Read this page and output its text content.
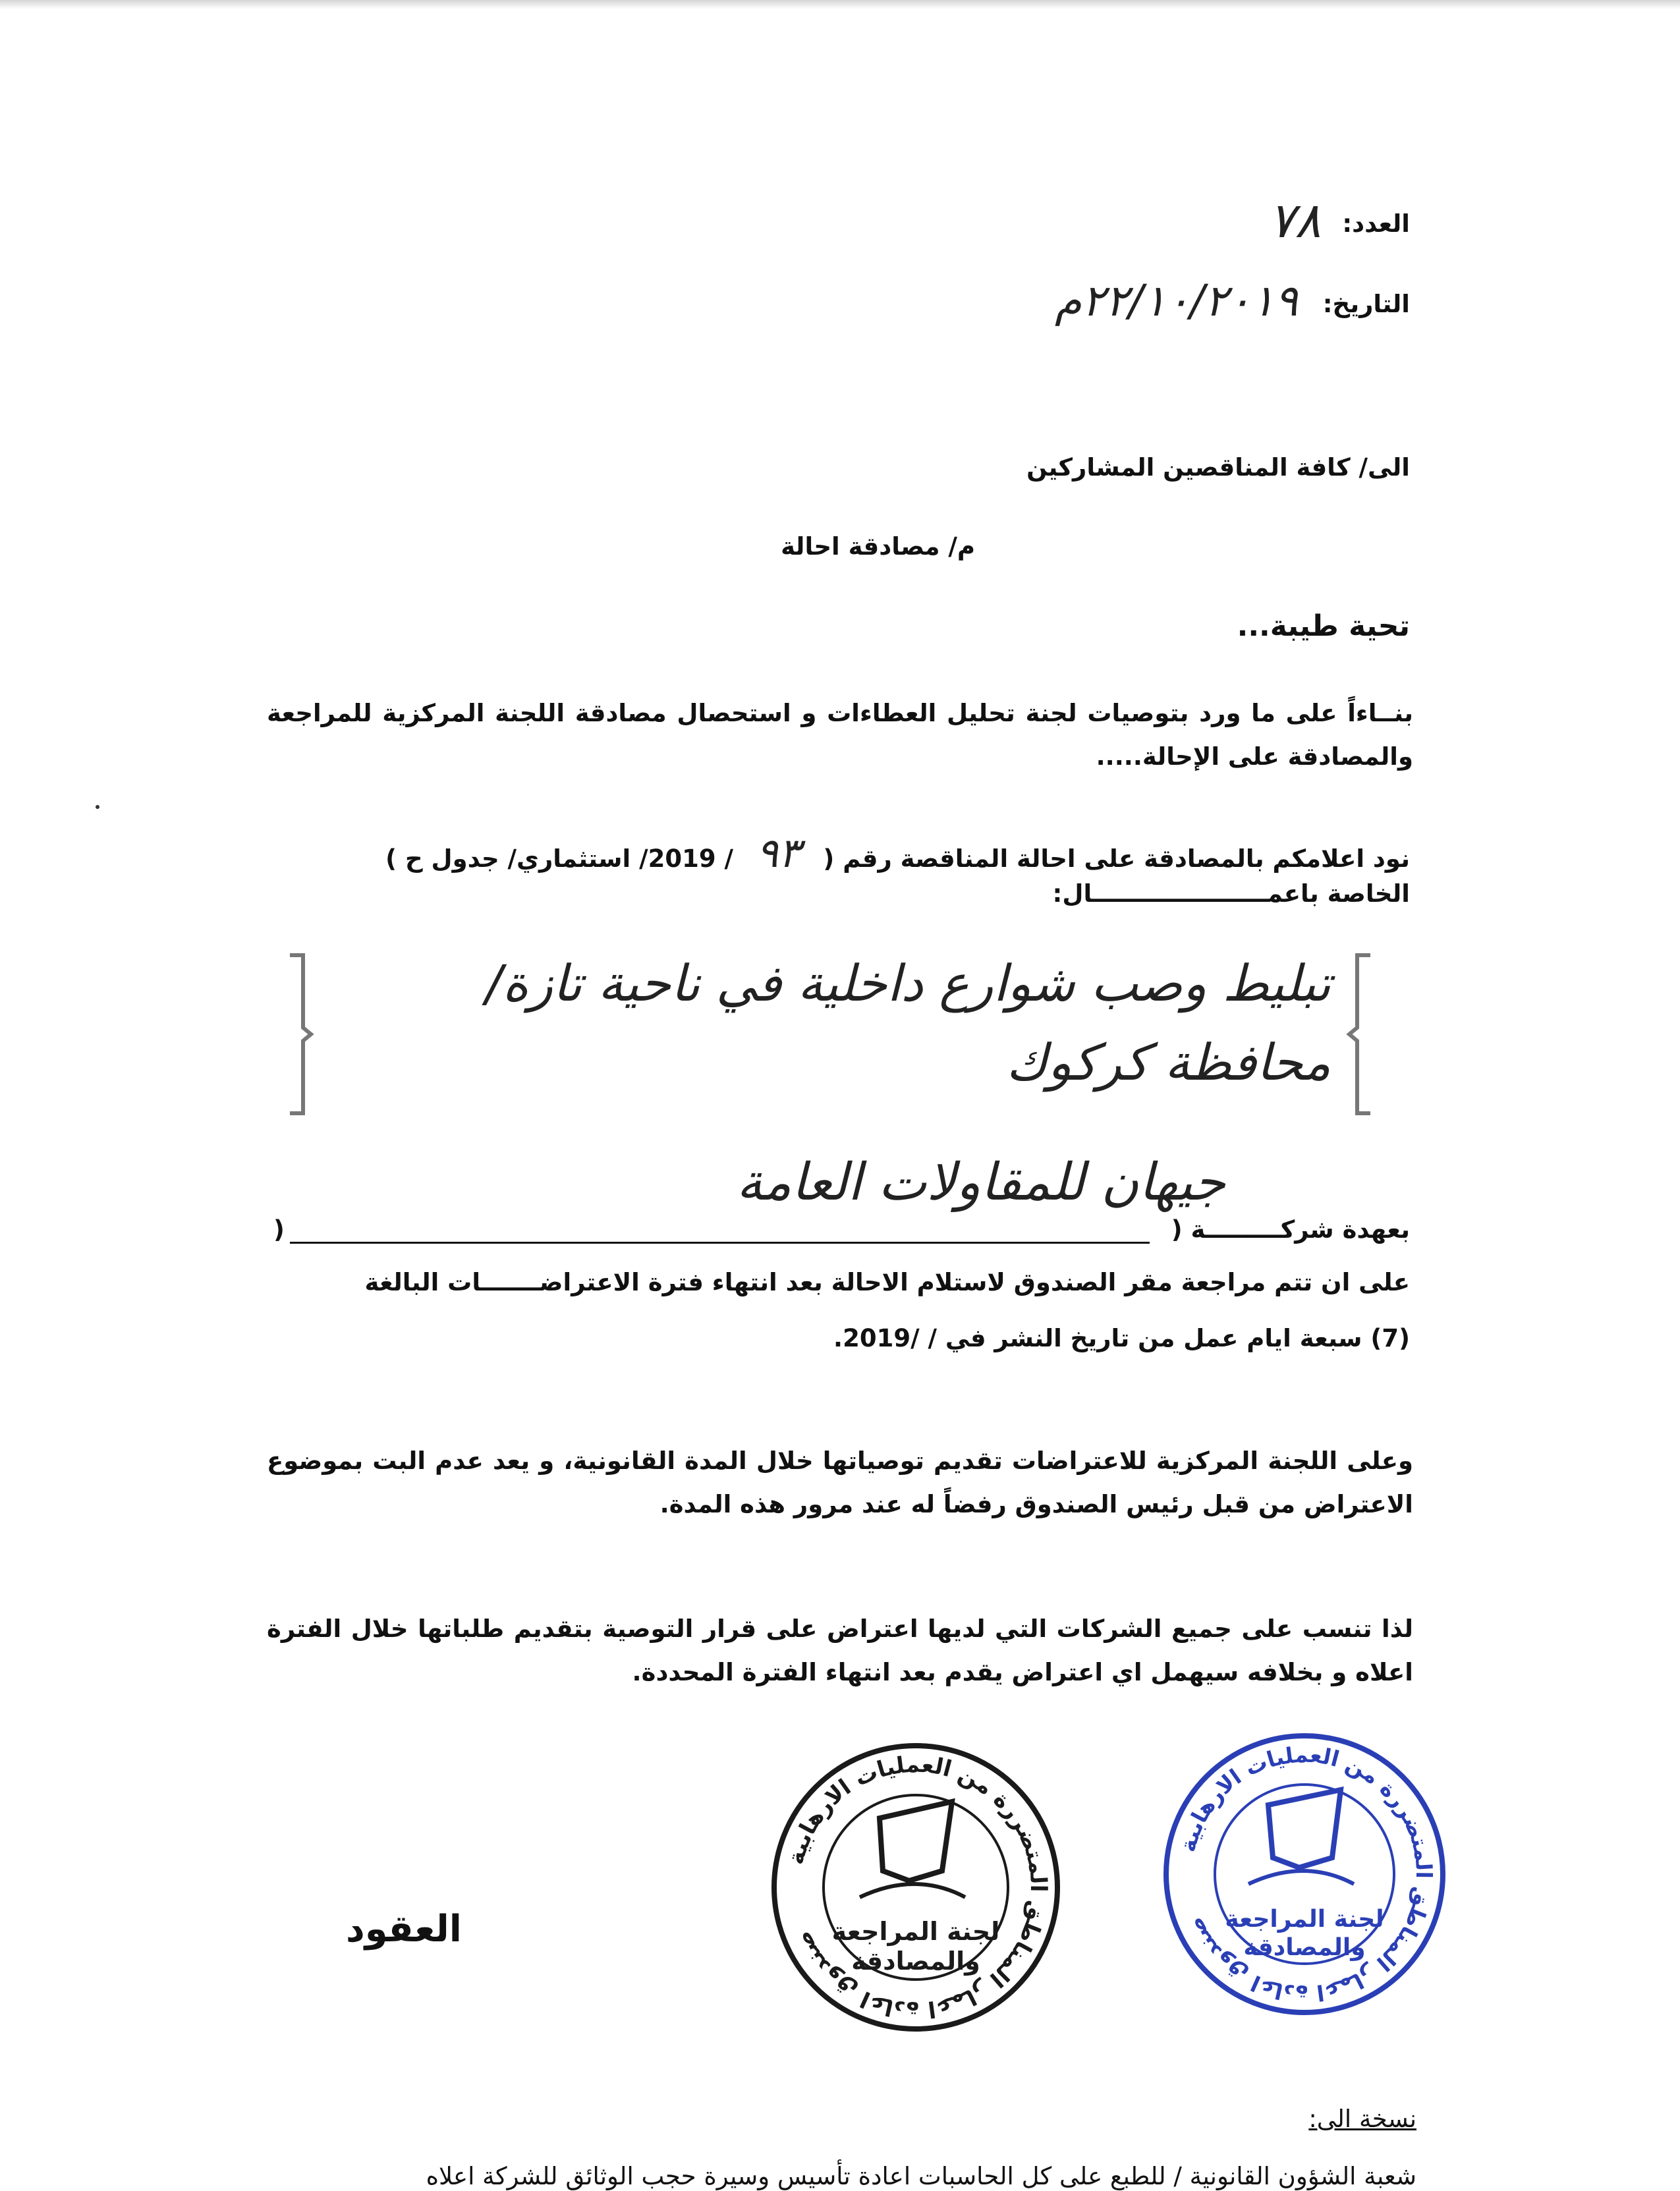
العدد:
٧٨
التاريخ:
٢٢/١٠/٢٠١٩م
الى/ كافة المناقصين المشاركين
م/ مصادقة احالة
تحية طيبة...
بنــاءاً على ما ورد بتوصيات لجنة تحليل العطاءات و استحصال مصادقة اللجنة المركزية للمراجعة والمصادقة على الإحالة.....
نود اعلامكم بالمصادقة على احالة المناقصة رقم ( ٩٣ / 2019/ استثماري/ جدول ح )
الخاصة باعمـــــــــــــــــــــال:
تبليط وصب شوارع داخلية في ناحية تازة/
محافظة كركوك
جيهان للمقاولات العامة
بعهدة شركـــــــــة (
)
على ان تتم مراجعة مقر الصندوق لاستلام الاحالة بعد انتهاء فترة الاعتراضـــــــات البالغة
(7) سبعة ايام عمل من تاريخ النشر في / /2019.
وعلى اللجنة المركزية للاعتراضات تقديم توصياتها خلال المدة القانونية، و يعد عدم البت بموضوع الاعتراض من قبل رئيس الصندوق رفضاً له عند مرور هذه المدة.
لذا تنسب على جميع الشركات التي لديها اعتراض على قرار التوصية بتقديم طلباتها خلال الفترة اعلاه و بخلافه سيهمل اي اعتراض يقدم بعد انتهاء الفترة المحددة.
صندوق اعادة اعمار المناطق المتضررة من العمليات الارهابية لجنة المراجعة
والمصادقة
صندوق اعادة اعمار المناطق المتضررة من العمليات الارهابية لجنة المراجعة
والمصادقة
العقود
نسخة الى:
شعبة الشؤون القانونية / للطبع على كل الحاسبات اعادة تأسيس وسيرة حجب الوثائق للشركة اعلاه
